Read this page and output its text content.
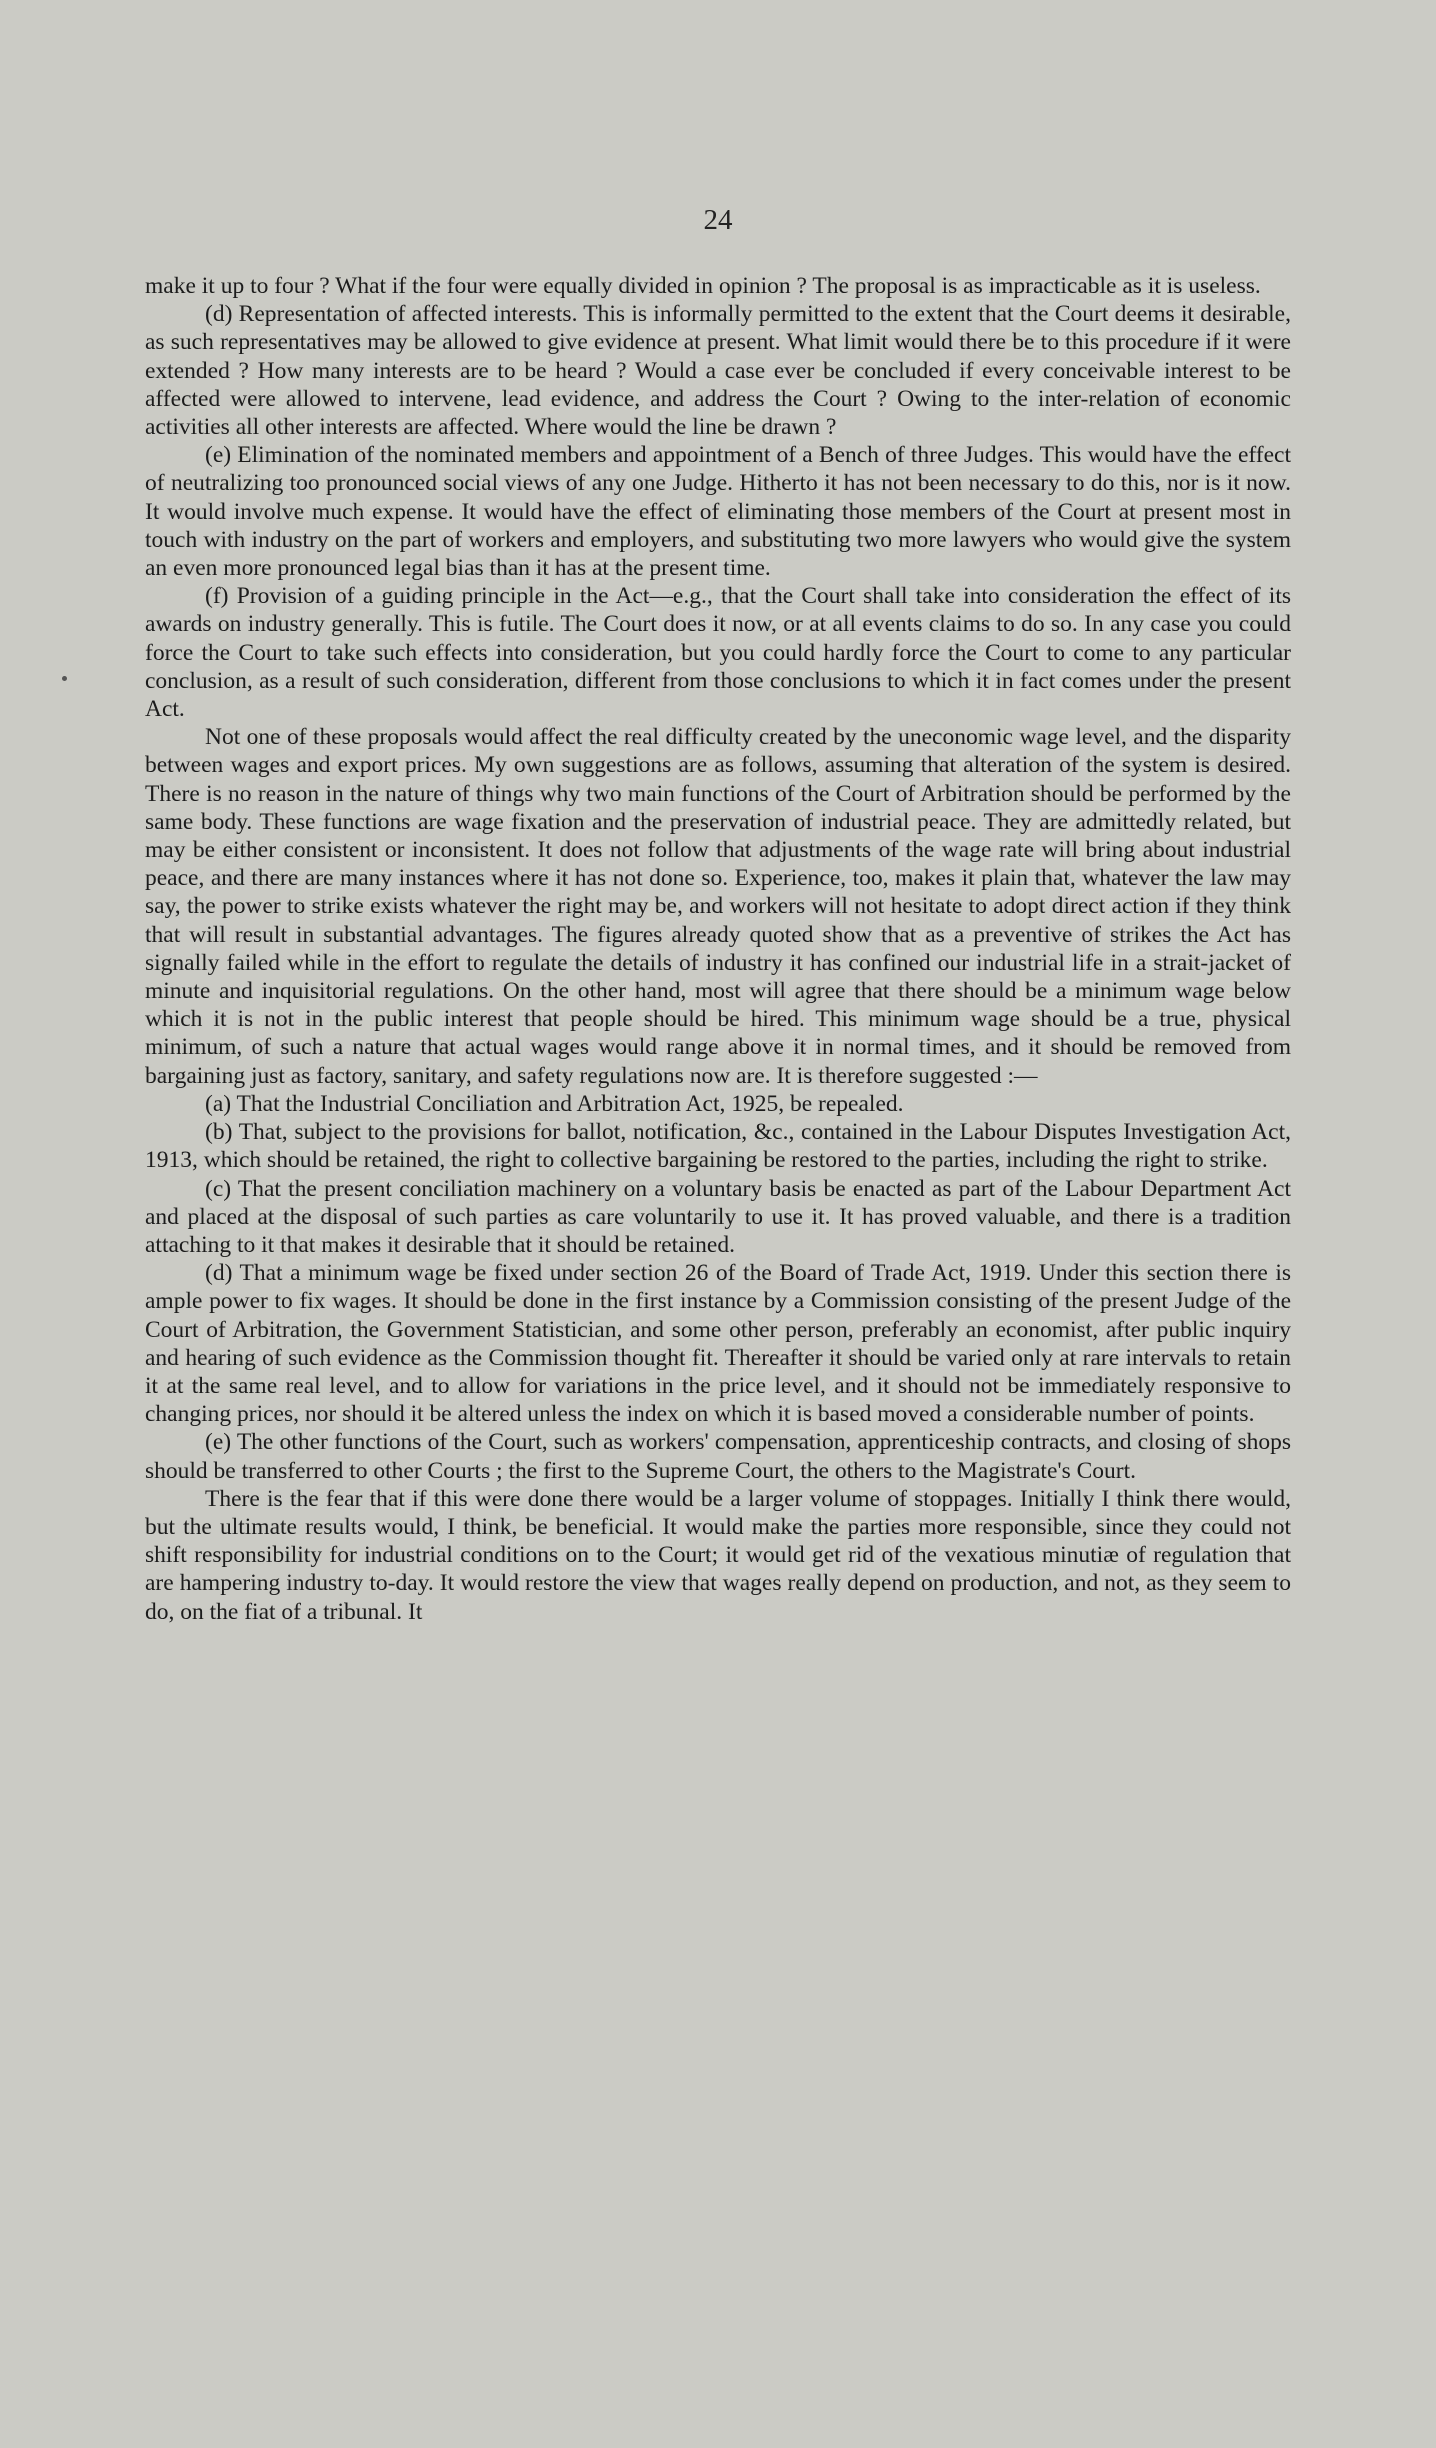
24

make it up to four ? What if the four were equally divided in opinion ? The proposal is as impracticable as it is useless.

(d) Representation of affected interests. This is informally permitted to the extent that the Court deems it desirable, as such representatives may be allowed to give evidence at present. What limit would there be to this procedure if it were extended ? How many interests are to be heard ? Would a case ever be concluded if every conceivable interest to be affected were allowed to intervene, lead evidence, and address the Court ? Owing to the inter-relation of economic activities all other interests are affected. Where would the line be drawn ?

(e) Elimination of the nominated members and appointment of a Bench of three Judges. This would have the effect of neutralizing too pronounced social views of any one Judge. Hitherto it has not been necessary to do this, nor is it now. It would involve much expense. It would have the effect of eliminating those members of the Court at present most in touch with industry on the part of workers and employers, and substituting two more lawyers who would give the system an even more pronounced legal bias than it has at the present time.

(f) Provision of a guiding principle in the Act—e.g., that the Court shall take into consideration the effect of its awards on industry generally. This is futile. The Court does it now, or at all events claims to do so. In any case you could force the Court to take such effects into consideration, but you could hardly force the Court to come to any particular conclusion, as a result of such consideration, different from those conclusions to which it in fact comes under the present Act.

Not one of these proposals would affect the real difficulty created by the uneconomic wage level, and the disparity between wages and export prices. My own suggestions are as follows, assuming that alteration of the system is desired. There is no reason in the nature of things why two main functions of the Court of Arbitration should be performed by the same body. These functions are wage fixation and the preservation of industrial peace. They are admittedly related, but may be either consistent or inconsistent. It does not follow that adjustments of the wage rate will bring about industrial peace, and there are many instances where it has not done so. Experience, too, makes it plain that, whatever the law may say, the power to strike exists whatever the right may be, and workers will not hesitate to adopt direct action if they think that will result in substantial advantages. The figures already quoted show that as a preventive of strikes the Act has signally failed while in the effort to regulate the details of industry it has confined our industrial life in a strait-jacket of minute and inquisitorial regulations. On the other hand, most will agree that there should be a minimum wage below which it is not in the public interest that people should be hired. This minimum wage should be a true, physical minimum, of such a nature that actual wages would range above it in normal times, and it should be removed from bargaining just as factory, sanitary, and safety regulations now are. It is therefore suggested :—

(a) That the Industrial Conciliation and Arbitration Act, 1925, be repealed.

(b) That, subject to the provisions for ballot, notification, &c., contained in the Labour Disputes Investigation Act, 1913, which should be retained, the right to collective bargaining be restored to the parties, including the right to strike.

(c) That the present conciliation machinery on a voluntary basis be enacted as part of the Labour Department Act and placed at the disposal of such parties as care voluntarily to use it. It has proved valuable, and there is a tradition attaching to it that makes it desirable that it should be retained.

(d) That a minimum wage be fixed under section 26 of the Board of Trade Act, 1919. Under this section there is ample power to fix wages. It should be done in the first instance by a Commission consisting of the present Judge of the Court of Arbitration, the Government Statistician, and some other person, preferably an economist, after public inquiry and hearing of such evidence as the Commission thought fit. Thereafter it should be varied only at rare intervals to retain it at the same real level, and to allow for variations in the price level, and it should not be immediately responsive to changing prices, nor should it be altered unless the index on which it is based moved a considerable number of points.

(e) The other functions of the Court, such as workers' compensation, apprenticeship contracts, and closing of shops should be transferred to other Courts ; the first to the Supreme Court, the others to the Magistrate's Court.

There is the fear that if this were done there would be a larger volume of stoppages. Initially I think there would, but the ultimate results would, I think, be beneficial. It would make the parties more responsible, since they could not shift responsibility for industrial conditions on to the Court; it would get rid of the vexatious minutiæ of regulation that are hampering industry to-day. It would restore the view that wages really depend on production, and not, as they seem to do, on the fiat of a tribunal. It
